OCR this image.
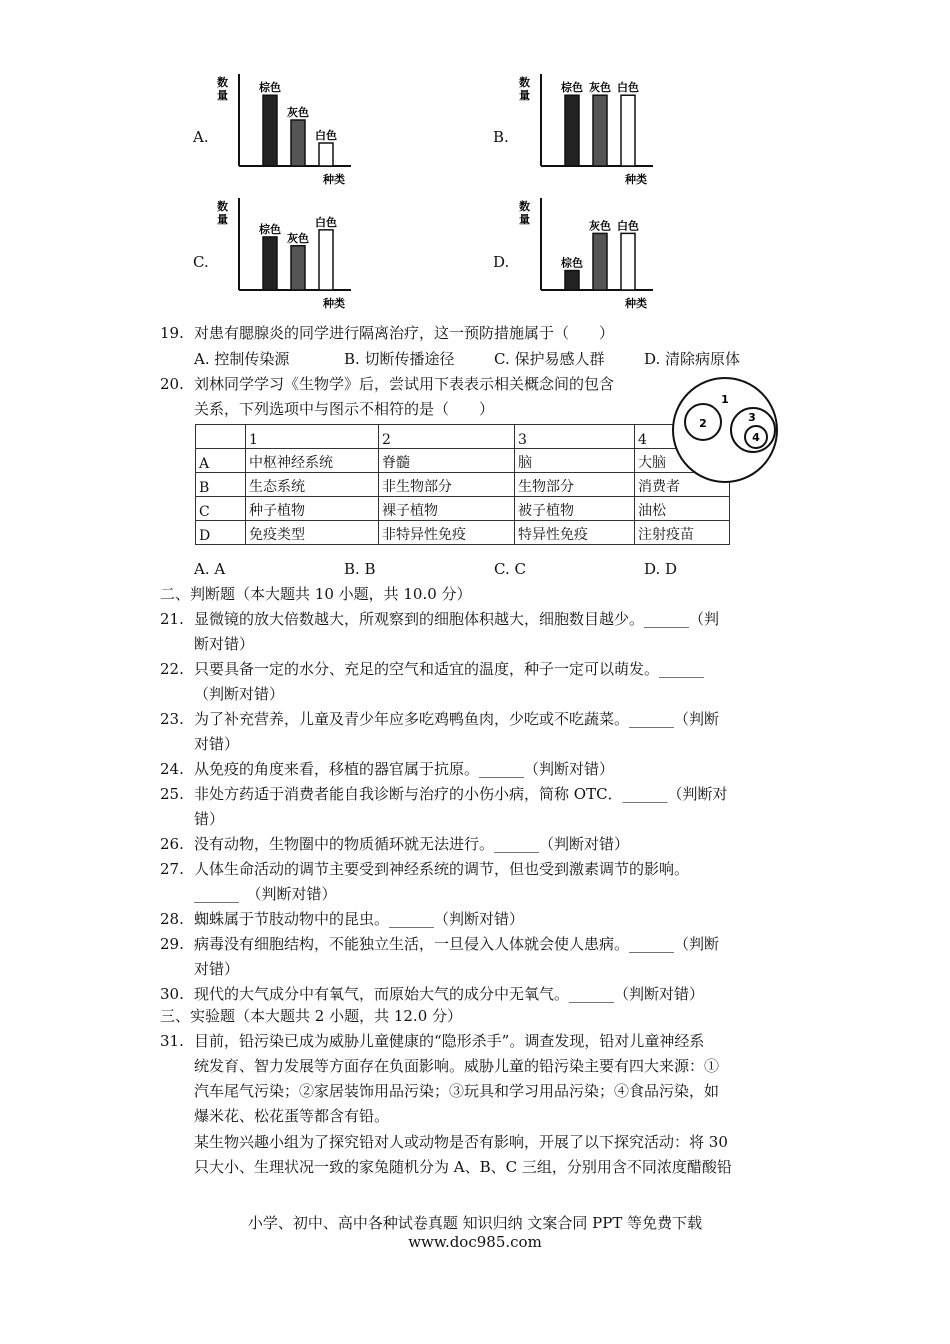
A.	B.
C.	D.
数
量
种类
棕色
灰色
白色
数
量
种类
棕色 灰色 白色
数
量
种类
棕色
灰色
白色
数
量
种类
棕色
灰色 白色
19. 对患有腮腺炎的同学进行隔离治疗，这一预防措施属于（　　）
A. 控制传染源	B. 切断传播途径	C. 保护易感人群	D. 清除病原体
20. 刘林同学学习《生物学》后，尝试用下表表示相关概念间的包含
关系，下列选项中与图示不相符的是（　　）
	1	2	3	4
A	中枢神经系统	脊髓	脑	大脑
B	生态系统	非生物部分	生物部分	消费者
C	种子植物	裸子植物	被子植物	油松
D	免疫类型	非特异性免疫	特异性免疫	注射疫苗
1
2	3
4
A. A	B. B	C. C	D. D
二、判断题（本大题共 10 小题，共 10.0 分）
21. 显微镜的放大倍数越大，所观察到的细胞体积越大，细胞数目越少。______（判
断对错）
22. 只要具备一定的水分、充足的空气和适宜的温度，种子一定可以萌发。______
（判断对错）
23. 为了补充营养，儿童及青少年应多吃鸡鸭鱼肉，少吃或不吃蔬菜。______（判断
对错）
24. 从免疫的角度来看，移植的器官属于抗原。______（判断对错）
25. 非处方药适于消费者能自我诊断与治疗的小伤小病，简称 OTC．______（判断对
错）
26. 没有动物，生物圈中的物质循环就无法进行。______（判断对错）
27. 人体生命活动的调节主要受到神经系统的调节，但也受到激素调节的影响。
______　（判断对错）
28. 蜘蛛属于节肢动物中的昆虫。______（判断对错）
29. 病毒没有细胞结构，不能独立生活，一旦侵入人体就会使人患病。______（判断
对错）
30. 现代的大气成分中有氧气，而原始大气的成分中无氧气。______（判断对错）
三、实验题（本大题共 2 小题，共 12.0 分）
31. 目前，铅污染已成为威胁儿童健康的“隐形杀手”。调查发现，铅对儿童神经系
统发育、智力发展等方面存在负面影响。威胁儿童的铅污染主要有四大来源：①
汽车尾气污染；②家居装饰用品污染；③玩具和学习用品污染；④食品污染，如
爆米花、松花蛋等都含有铅。
某生物兴趣小组为了探究铅对人或动物是否有影响，开展了以下探究活动：将 30
只大小、生理状况一致的家兔随机分为 A、B、C 三组，分别用含不同浓度醋酸铅
小学、初中、高中各种试卷真题 知识归纳 文案合同 PPT 等免费下载
www.doc985.com
